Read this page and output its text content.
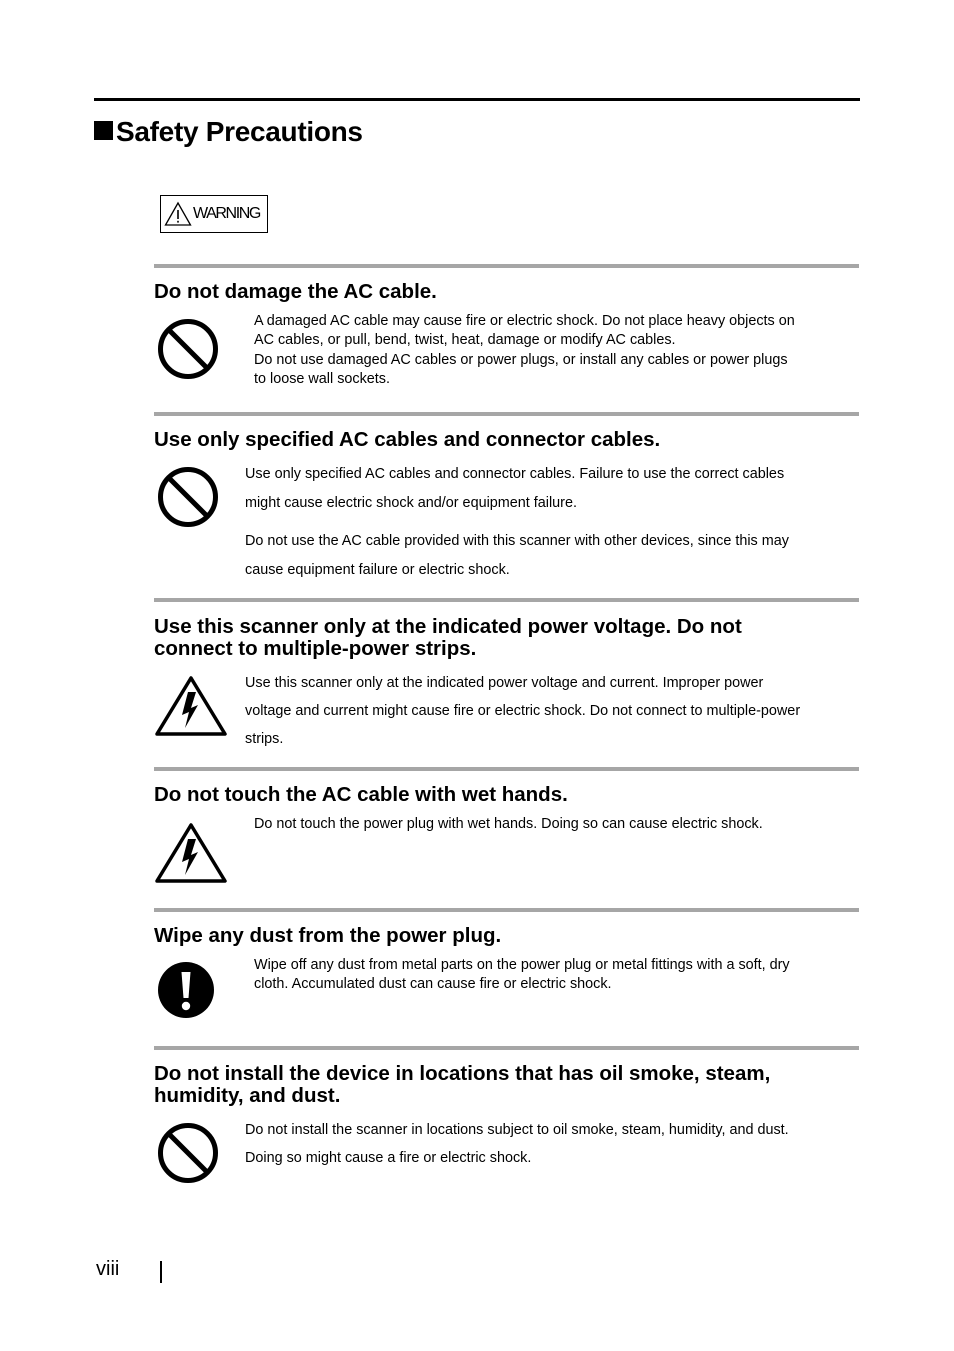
Safety Precautions
WARNING
Do not damage the AC cable.
A damaged AC cable may cause fire or electric shock. Do not place heavy objects on
AC cables, or pull, bend, twist, heat, damage or modify AC cables.
Do not use damaged AC cables or power plugs, or install any cables or power plugs
to loose wall sockets.
Use only specified AC cables and connector cables.
Use only specified AC cables and connector cables. Failure to use the correct cables
might cause electric shock and/or equipment failure.
Do not use the AC cable provided with this scanner with other devices, since this may
cause equipment failure or electric shock.
Use this scanner only at the indicated power voltage. Do not
connect to multiple-power strips.
Use this scanner only at the indicated power voltage and current. Improper power
voltage and current might cause fire or electric shock. Do not connect to multiple-power
strips.
Do not touch the AC cable with wet hands.
Do not touch the power plug with wet hands. Doing so can cause electric shock.
Wipe any dust from the power plug.
Wipe off any dust from metal parts on the power plug or metal fittings with a soft, dry
cloth. Accumulated dust can cause fire or electric shock.
Do not install the device in locations that has oil smoke, steam,
humidity, and dust.
Do not install the scanner in locations subject to oil smoke, steam, humidity, and dust.
Doing so might cause a fire or electric shock.
viii
